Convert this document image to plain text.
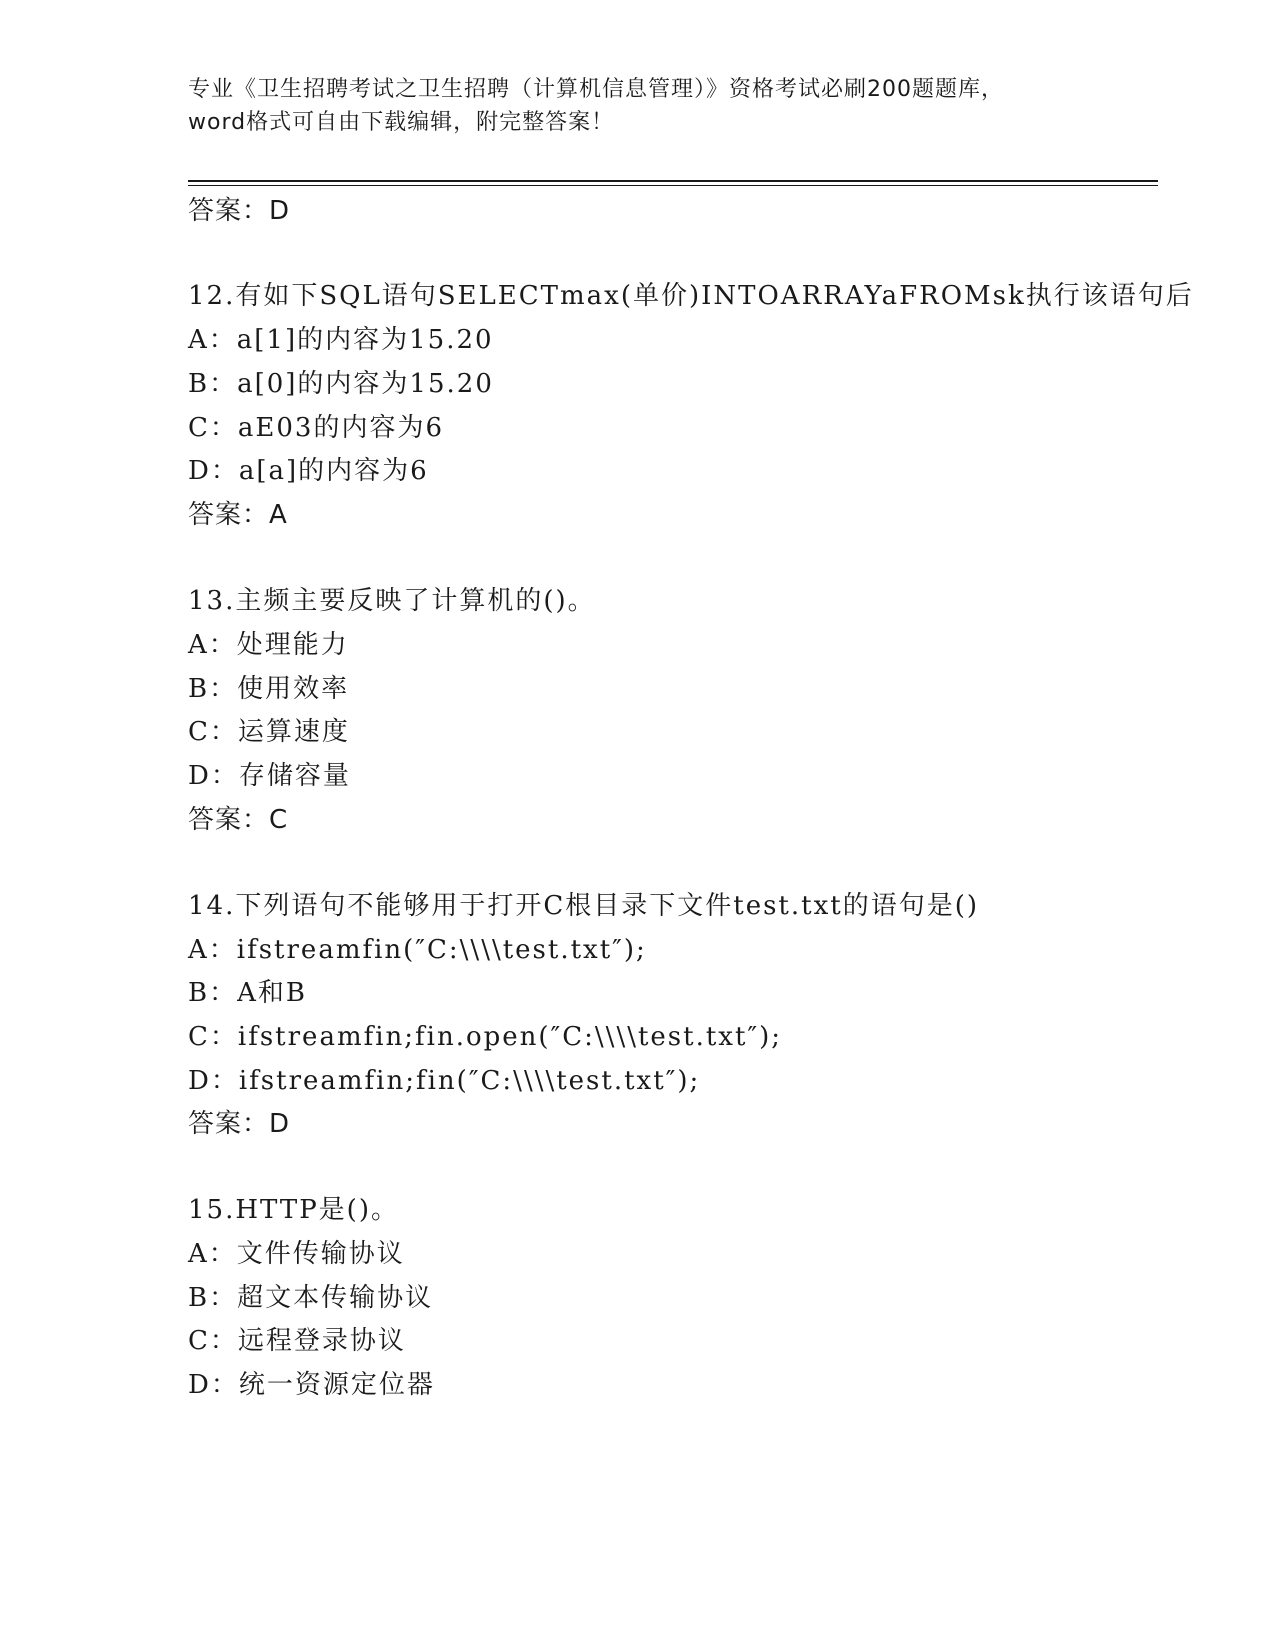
专业《卫生招聘考试之卫生招聘（计算机信息管理）》资格考试必刷200题题库，
word格式可自由下载编辑，附完整答案！
答案：D
12.有如下SQL语句SELECTmax(单价)INTOARRAYaFROMsk执行该语句后
A：a[1]的内容为15.20
B：a[0]的内容为15.20
C：aE03的内容为6
D：a[a]的内容为6
答案：A
13.主频主要反映了计算机的()。
A：处理能力
B：使用效率
C：运算速度
D：存储容量
答案：C
14.下列语句不能够用于打开C根目录下文件test.txt的语句是()
A：ifstreamfin(″C:\\\\test.txt″);
B：A和B
C：ifstreamfin;fin.open(″C:\\\\test.txt″);
D：ifstreamfin;fin(″C:\\\\test.txt″);
答案：D
15.HTTP是()。
A：文件传输协议
B：超文本传输协议
C：远程登录协议
D：统一资源定位器
